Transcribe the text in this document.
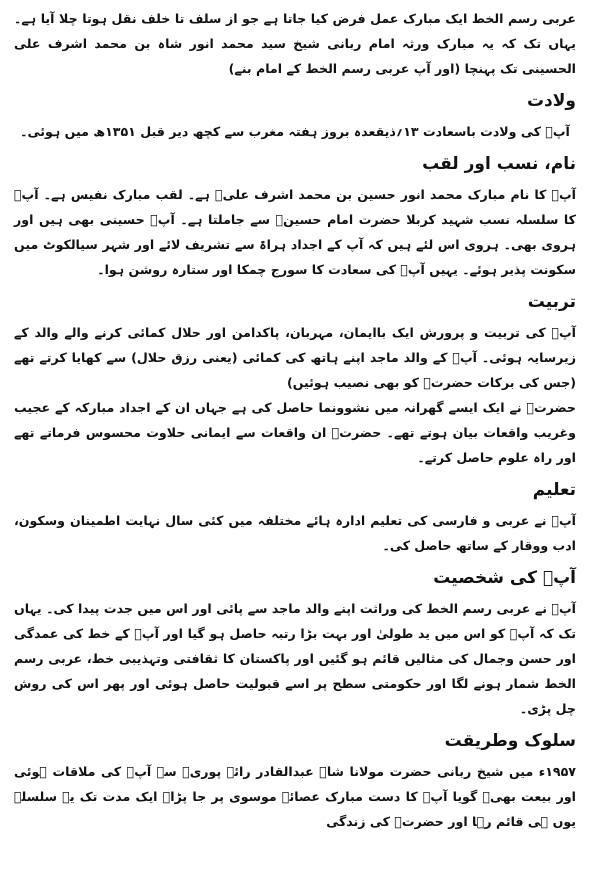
عربی رسم الخط ایک مبارک عمل فرض کیا جاتا ہے جو از سلف تا خلف نقل ہوتا چلا آیا ہے۔ یہاں تک کہ یہ مبارک ورثہ امام ربانی شیخ سید محمد انور شاہ بن محمد اشرف علی الحسینی تک پہنچا (اور آپ عربی رسم الخط کے امام بنے)

ولادت

آپؒ کی ولادت باسعادت ۱۳؍ذیقعدہ بروز ہفتہ مغرب سے کچھ دیر قبل ۱۳۵۱ھ میں ہوئی۔

نام، نسب اور لقب

آپؒ کا نام مبارک محمد انور حسین بن محمد اشرف علیؒ ہے۔ لقب مبارک نفیس ہے۔ آپؒ کا سلسلہ نسب شہید کربلا حضرت امام حسینؓ سے جاملتا ہے۔ آپؒ حسینی بھی ہیں اور ہروی بھی۔ ہروی اس لئے ہیں کہ آپ کے اجداد ہراۃ سے تشریف لائے اور شہر سیالکوٹ میں سکونت پذیر ہوئے۔ یہیں آپؒ کی سعادت کا سورج چمکا اور ستارہ روشن ہوا۔

تربیت

آپؒ کی تربیت و پرورش ایک باایمان، مہربان، پاکدامن اور حلال کمائی کرنے والے والد کے زیرسایہ ہوئی۔ آپؒ کے والد ماجد اپنے ہاتھ کی کمائی (یعنی رزق حلال) سے کھایا کرتے تھے (جس کی برکات حضرتؒ کو بھی نصیب ہوئیں)

حضرتؒ نے ایک ایسے گھرانہ میں نشوونما حاصل کی ہے جہاں ان کے اجداد مبارکہ کے عجیب وغریب واقعات بیان ہوتے تھے۔ حضرتؒ ان واقعات سے ایمانی حلاوت محسوس فرماتے تھے اور راہ علوم حاصل کرتے۔

تعلیم

آپؒ نے عربی و فارسی کی تعلیم ادارہ ہائے مختلفہ میں کئی سال نہایت اطمینان وسکون، ادب ووقار کے ساتھ حاصل کی۔

آپؒ کی شخصیت

آپؒ نے عربی رسم الخط کی وراثت اپنے والد ماجد سے پائی اور اس میں جدت پیدا کی۔ یہاں تک کہ آپؒ کو اس میں ید طولیٰ اور بہت بڑا رتبہ حاصل ہو گیا اور آپؒ کے خط کی عمدگی اور حسن وجمال کی مثالیں قائم ہو گئیں اور پاکستان کا ثقافتی وتہذیبی خط، عربی رسم الخط شمار ہونے لگا اور حکومتی سطح پر اسے قبولیت حاصل ہوئی اور پھر اس کی روش چل پڑی۔

سلوک وطریقت

۱۹۵۷ء میں شیخ ربانی حضرت مولانا شاہ عبدالقادر رائے پوریؒ سے آپؒ کی ملاقات ہوئی اور بیعت بھی۔ گویا آپؒ کا دست مبارک عصائے موسوی پر جا پڑا۔ ایک مدت تک یہ سلسلہ یوں ہی قائم رہا اور حضرتؒ کی زندگی
